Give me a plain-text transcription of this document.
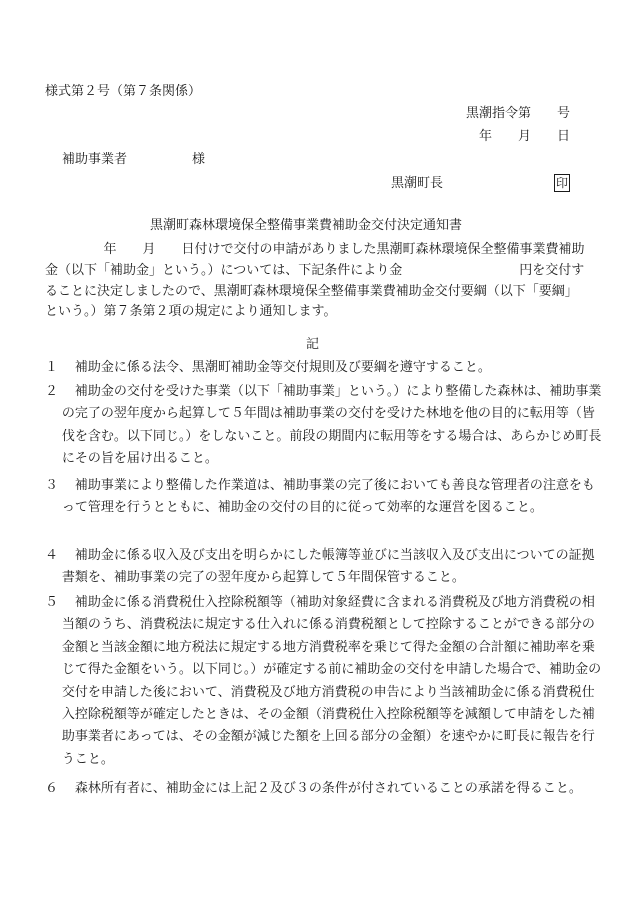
様式第２号（第７条関係）
黒潮指令第　　号
年　　月　　日
補助事業者　　　　　様
黒潮町長	印
黒潮町森林環境保全整備事業費補助金交付決定通知書
年　　月　　日付けで交付の申請がありました黒潮町森林環境保全整備事業費補助金（以下「補助金」という。）については、下記条件により金　　　　　　　　　円を交付することに決定しましたので、黒潮町森林環境保全整備事業費補助金交付要綱（以下「要綱」という。）第７条第２項の規定により通知します。
記
１ 補助金に係る法令、黒潮町補助金等交付規則及び要綱を遵守すること。
２ 補助金の交付を受けた事業（以下「補助事業」という。）により整備した森林は、補助事業の完了の翌年度から起算して５年間は補助事業の交付を受けた林地を他の目的に転用等（皆伐を含む。以下同じ。）をしないこと。前段の期間内に転用等をする場合は、あらかじめ町長にその旨を届け出ること。
３ 補助事業により整備した作業道は、補助事業の完了後においても善良な管理者の注意をもって管理を行うとともに、補助金の交付の目的に従って効率的な運営を図ること。
４ 補助金に係る収入及び支出を明らかにした帳簿等並びに当該収入及び支出についての証拠書類を、補助事業の完了の翌年度から起算して５年間保管すること。
５ 補助金に係る消費税仕入控除税額等（補助対象経費に含まれる消費税及び地方消費税の相当額のうち、消費税法に規定する仕入れに係る消費税額として控除することができる部分の金額と当該金額に地方税法に規定する地方消費税率を乗じて得た金額の合計額に補助率を乗じて得た金額をいう。以下同じ。）が確定する前に補助金の交付を申請した場合で、補助金の交付を申請した後において、消費税及び地方消費税の申告により当該補助金に係る消費税仕入控除税額等が確定したときは、その金額（消費税仕入控除税額等を減額して申請をした補助事業者にあっては、その金額が減じた額を上回る部分の金額）を速やかに町長に報告を行うこと。
６ 森林所有者に、補助金には上記２及び３の条件が付されていることの承諾を得ること。
